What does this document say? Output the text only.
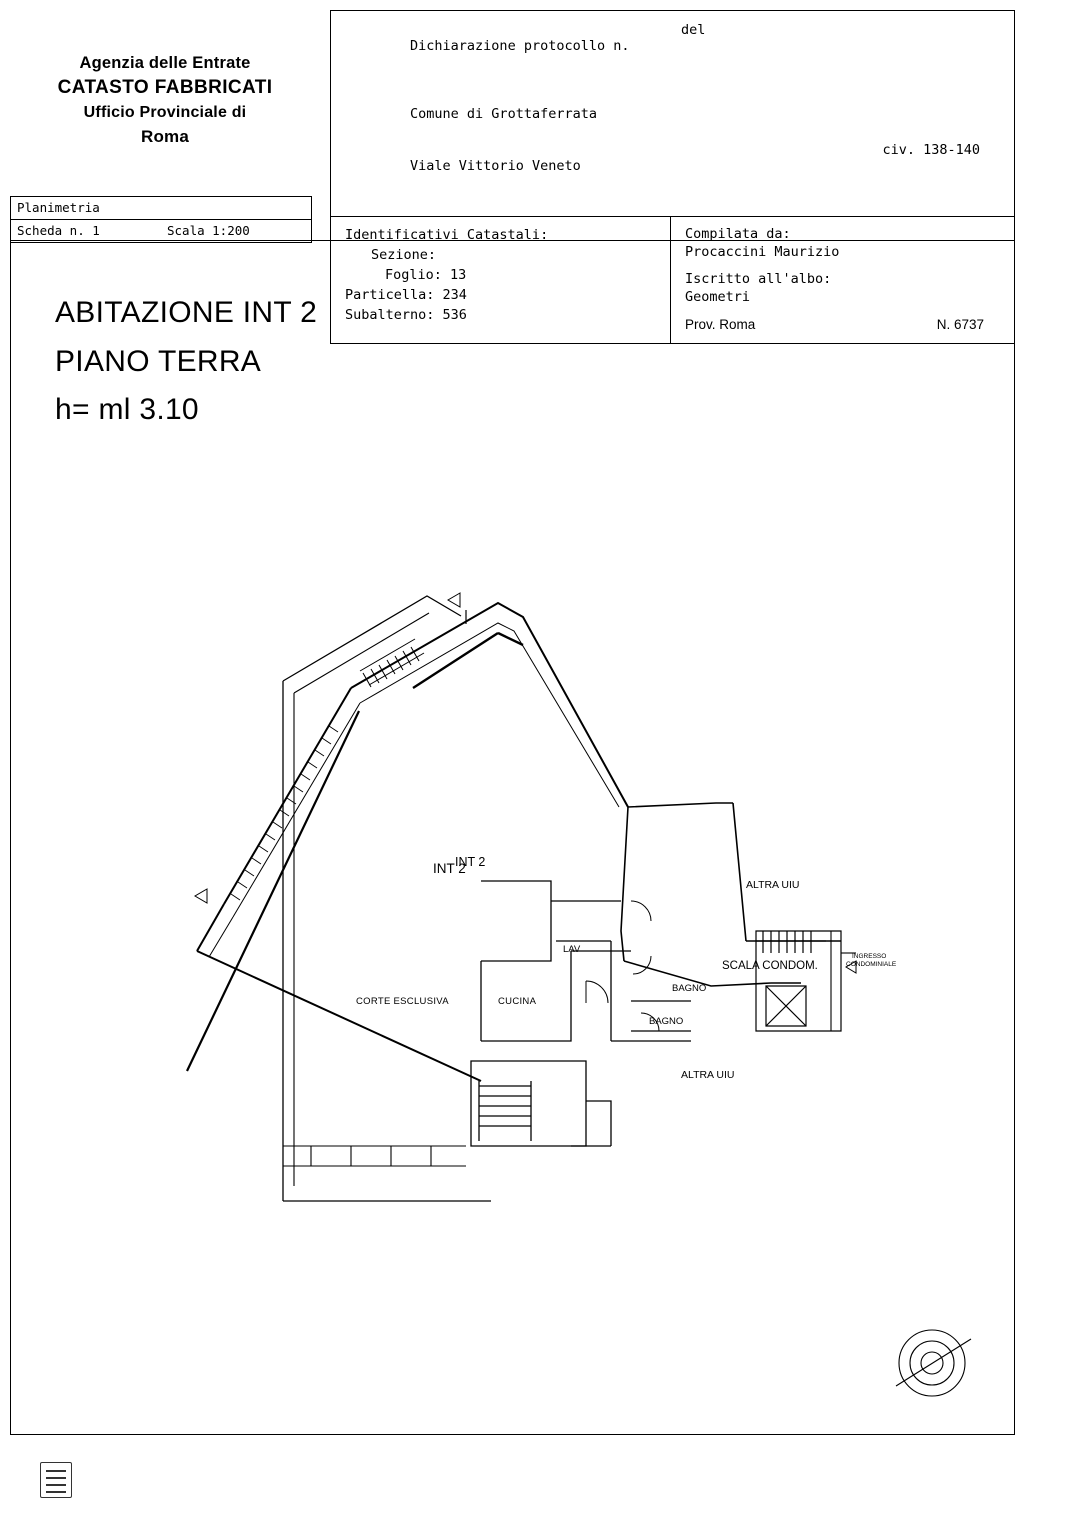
Agenzia delle Entrate
CATASTO FABBRICATI
Ufficio Provinciale di
Roma
Planimetria
Scheda n. 1	Scala 1:200

Dichiarazione protocollo n.

del

Comune di Grottaferrata

Viale Vittorio Veneto

civ. 138-140

Identificativi Catastali:
Sezione:
Foglio: 13
Particella: 234
Subalterno: 536
Compilata da:
Procaccini Maurizio
Iscritto all'albo:
Geometri
Prov. Roma	N. 6737
ABITAZIONE INT 2
PIANO TERRA
h= ml 3.10
INT 2
INT 2
CORTE ESCLUSIVA	CUCINA
LAV
BAGNO
BAGNO
ALTRA UIU
ALTRA UIU
SCALA CONDOM.
INGRESSO
CONDOMINIALE
